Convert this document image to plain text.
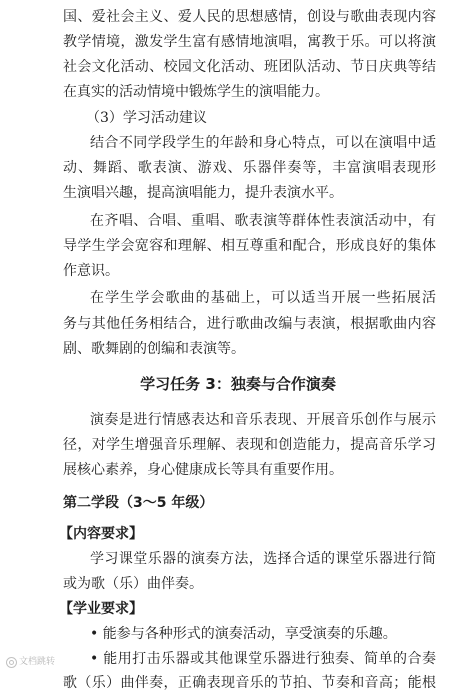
国、爱社会主义、爱人民的思想感情，创设与歌曲表现内容
教学情境，激发学生富有感情地演唱，寓教于乐。可以将演
社会文化活动、校园文化活动、班团队活动、节日庆典等结
在真实的活动情境中锻炼学生的演唱能力。
（3）学习活动建议
结合不同学段学生的年龄和身心特点，可以在演唱中适
动、舞蹈、歌表演、游戏、乐器伴奏等，丰富演唱表现形
生演唱兴趣，提高演唱能力，提升表演水平。
在齐唱、合唱、重唱、歌表演等群体性表演活动中，有
导学生学会宽容和理解、相互尊重和配合，形成良好的集体
作意识。
在学生学会歌曲的基础上，可以适当开展一些拓展活
务与其他任务相结合，进行歌曲改编与表演，根据歌曲内容
剧、歌舞剧的创编和表演等。
学习任务 3：独奏与合作演奏
演奏是进行情感表达和音乐表现、开展音乐创作与展示
径，对学生增强音乐理解、表现和创造能力，提高音乐学习
展核心素养，身心健康成长等具有重要作用。
第二学段（3～5 年级）
【内容要求】
学习课堂乐器的演奏方法，选择合适的课堂乐器进行简
或为歌（乐）曲伴奏。
【学业要求】
• 能参与各种形式的演奏活动，享受演奏的乐趣。
• 能用打击乐器或其他课堂乐器进行独奏、简单的合奏
歌（乐）曲伴奏，正确表现音乐的节拍、节奏和音高；能根
文档跳转
